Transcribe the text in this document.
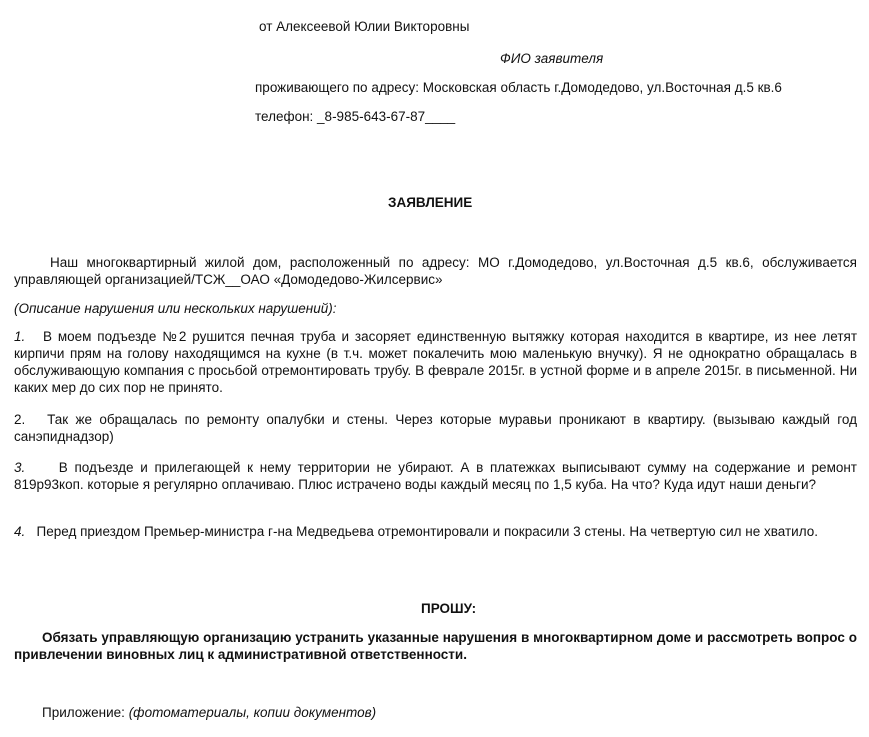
от Алексеевой Юлии Викторовны
ФИО заявителя
проживающего по адресу: Московская область г.Домодедово, ул.Восточная д.5 кв.6
телефон: _8-985-643-67-87____
ЗАЯВЛЕНИЕ
Наш многоквартирный жилой дом, расположенный по адресу: МО г.Домодедово, ул.Восточная д.5 кв.6, обслуживается управляющей организацией/ТСЖ__ОАО «Домодедово-Жилсервис»
(Описание нарушения или нескольких нарушений):
1. В моем подъезде №2 рушится печная труба и засоряет единственную вытяжку которая находится в квартире, из нее летят кирпичи прям на голову находящимся на кухне (в т.ч. может покалечить мою маленькую внучку). Я не однократно обращалась в обслуживающую компания с просьбой отремонтировать трубу. В феврале 2015г. в устной форме и в апреле 2015г. в письменной. Ни каких мер до сих пор не принято.
2. Так же обращалась по ремонту опалубки и стены. Через которые муравьи проникают в квартиру. (вызываю каждый год санэпиднадзор)
3. В подъезде и прилегающей к нему территории не убирают. А в платежках выписывают сумму на содержание и ремонт 819р93коп. которые я регулярно оплачиваю. Плюс истрачено воды каждый месяц по 1,5 куба. На что? Куда идут наши деньги?
4. Перед приездом Премьер-министра г-на Медведьева отремонтировали и покрасили 3 стены. На четвертую сил не хватило.
ПРОШУ:
Обязать управляющую организацию устранить указанные нарушения в многоквартирном доме и рассмотреть вопрос о привлечении виновных лиц к административной ответственности.
Приложение: (фотоматериалы, копии документов)
